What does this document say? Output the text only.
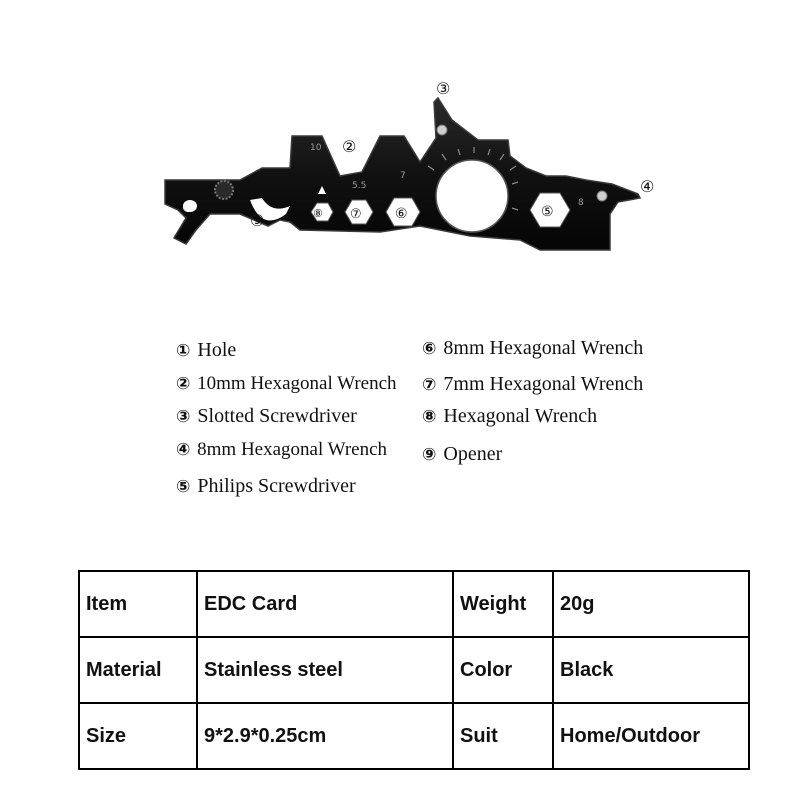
10
5.5
7
8
①	⑤
⑥
⑦
⑧
②
③
④
⑨
① Hole
② 10mm Hexagonal Wrench
③ Slotted Screwdriver
④ 8mm Hexagonal Wrench
⑤ Philips Screwdriver
⑥ 8mm Hexagonal Wrench
⑦ 7mm Hexagonal Wrench
⑧ Hexagonal Wrench
⑨ Opener
Item	EDC Card	Weight	20g
Material	Stainless steel	Color	Black
Size	9*2.9*0.25cm	Suit	Home/Outdoor
